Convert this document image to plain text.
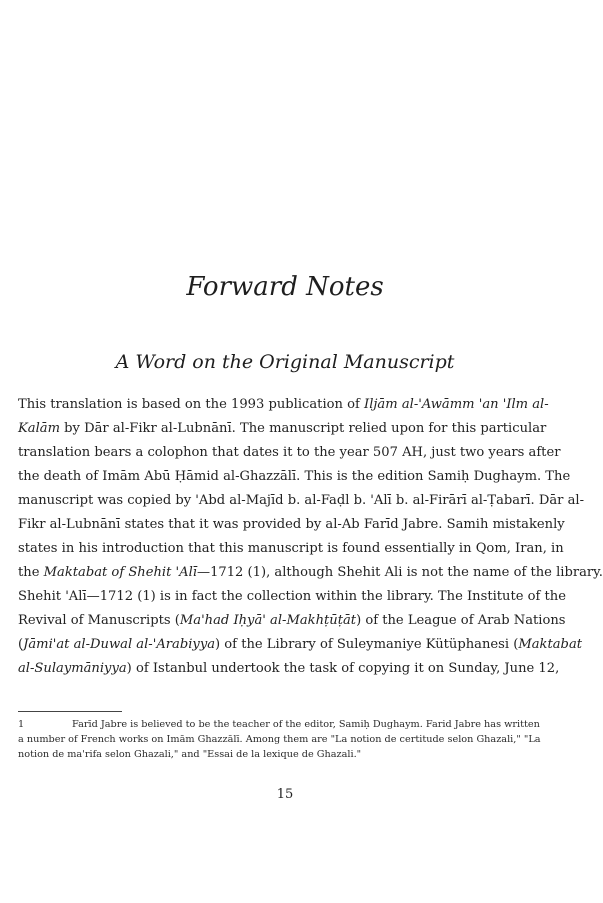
Forward Notes
A Word on the Original Manuscript
This translation is based on the 1993 publication of Iljām al-'Awāmm 'an 'Ilm al-
Kalām by Dār al-Fikr al-Lubnānī. The manuscript relied upon for this particular
translation bears a colophon that dates it to the year 507 AH, just two years after
the death of Imām Abū Ḥāmid al-Ghazzālī. This is the edition Samiḥ Dughaym. The
manuscript was copied by 'Abd al-Majīd b. al-Faḍl b. 'Alī b. al-Firārī al-Ṭabarī. Dār al-
Fikr al-Lubnānī states that it was provided by al-Ab Farīd Jabre. Samih mistakenly
states in his introduction that this manuscript is found essentially in Qom, Iran, in
the Maktabat of Shehit 'Alī—1712 (1), although Shehit Ali is not the name of the library.
Shehit 'Alī—1712 (1) is in fact the collection within the library. The Institute of the
Revival of Manuscripts (Ma'had Iḥyā' al-Makhṭūṭāt) of the League of Arab Nations
(Jāmi'at al-Duwal al-'Arabiyya) of the Library of Suleymaniye Kütüphanesi (Maktabat
al-Sulaymāniyya) of Istanbul undertook the task of copying it on Sunday, June 12,
1	Farīd Jabre is believed to be the teacher of the editor, Samiḥ Dughaym. Farid Jabre has written
a number of French works on Imām Ghazzālī. Among them are "La notion de certitude selon Ghazali," "La
notion de ma'rifa selon Ghazali," and "Essai de la lexique de Ghazali."
15
